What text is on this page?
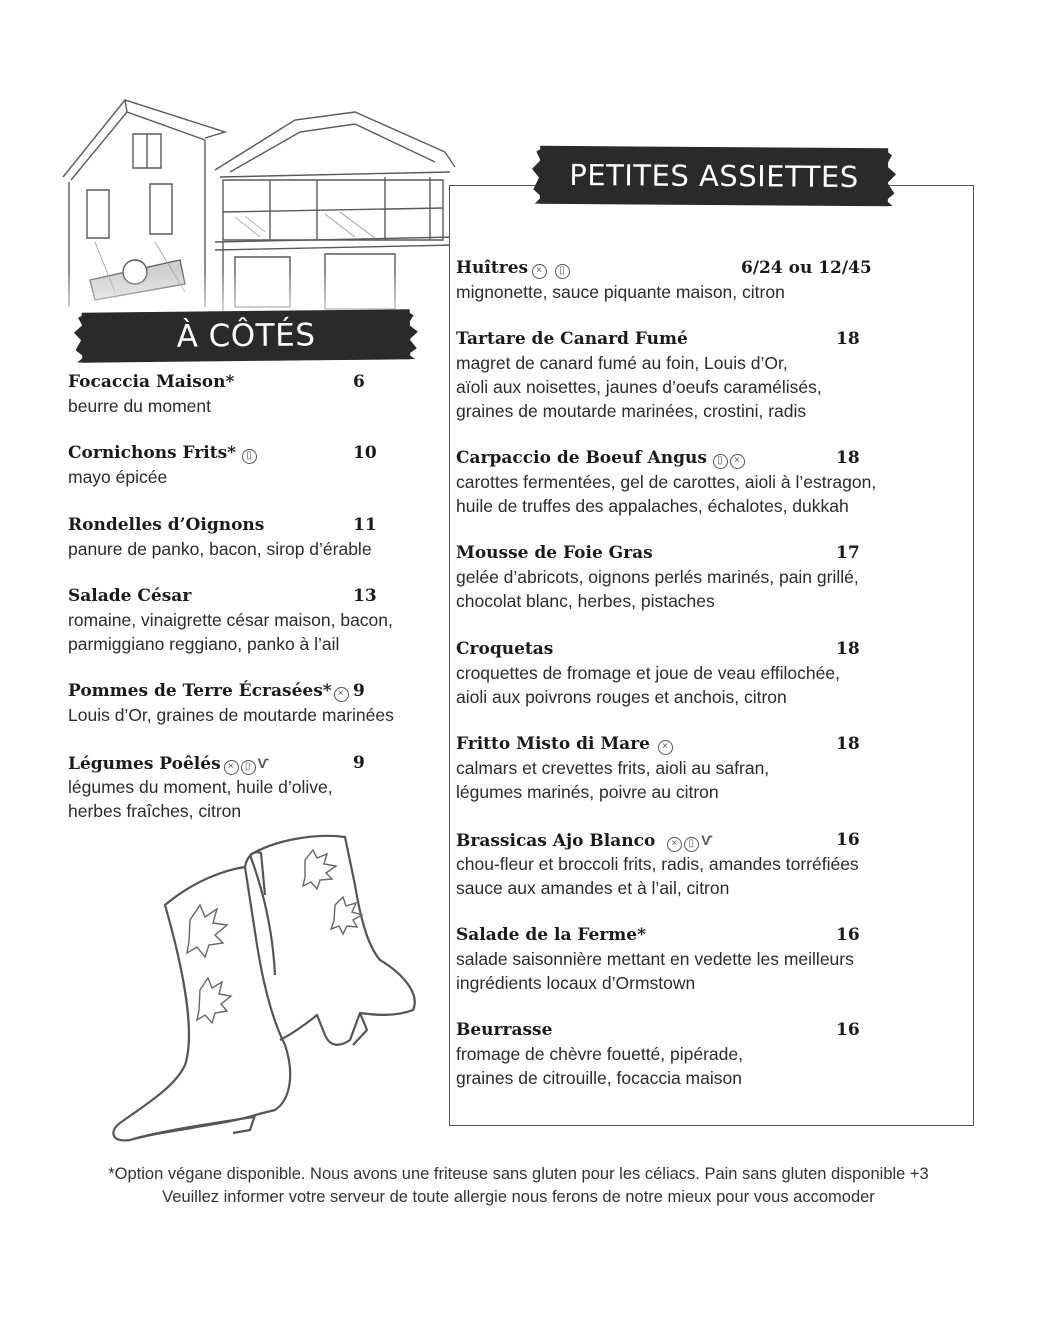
À CÔTÉS
PETITES ASSIETTES
Focaccia Maison*	6
beurre du moment
Cornichons Frits* ▯	10
mayo épicée
Rondelles d’Oignons	11
panure de panko, bacon, sirop d’érable
Salade César	13
romaine, vinaigrette césar maison, bacon,
parmiggiano reggiano, panko à l’ail
Pommes de Terre Écrasées* × 9
Louis d’Or, graines de moutarde marinées
Légumes Poêlés × ▯ Ѵ	9
légumes du moment, huile d’olive,
herbes fraîches, citron
Huîtres × ▯	6/24 ou 12/45
mignonette, sauce piquante maison, citron
Tartare de Canard Fumé	18
magret de canard fumé au foin, Louis d’Or,
aïoli aux noisettes, jaunes d’oeufs caramélisés,
graines de moutarde marinées, crostini, radis
Carpaccio de Boeuf Angus ▯ ×	18
carottes fermentées, gel de carottes, aioli à l’estragon,
huile de truffes des appalaches, échalotes, dukkah
Mousse de Foie Gras	17
gelée d’abricots, oignons perlés marinés, pain grillé,
chocolat blanc, herbes, pistaches
Croquetas	18
croquettes de fromage et joue de veau effilochée,
aioli aux poivrons rouges et anchois, citron
Fritto Misto di Mare ×	18
calmars et crevettes frits, aioli au safran,
légumes marinés, poivre au citron
Brassicas Ajo Blanco × ▯ Ѵ	16
chou-fleur et broccoli frits, radis, amandes torréfiées
sauce aux amandes et à l’ail, citron
Salade de la Ferme*	16
salade saisonnière mettant en vedette les meilleurs
ingrédients locaux d’Ormstown
Beurrasse	16
fromage de chèvre fouetté, pipérade,
graines de citrouille, focaccia maison
*Option végane disponible. Nous avons une friteuse sans gluten pour les céliacs. Pain sans gluten disponible +3
Veuillez informer votre serveur de toute allergie nous ferons de notre mieux pour vous accomoder
